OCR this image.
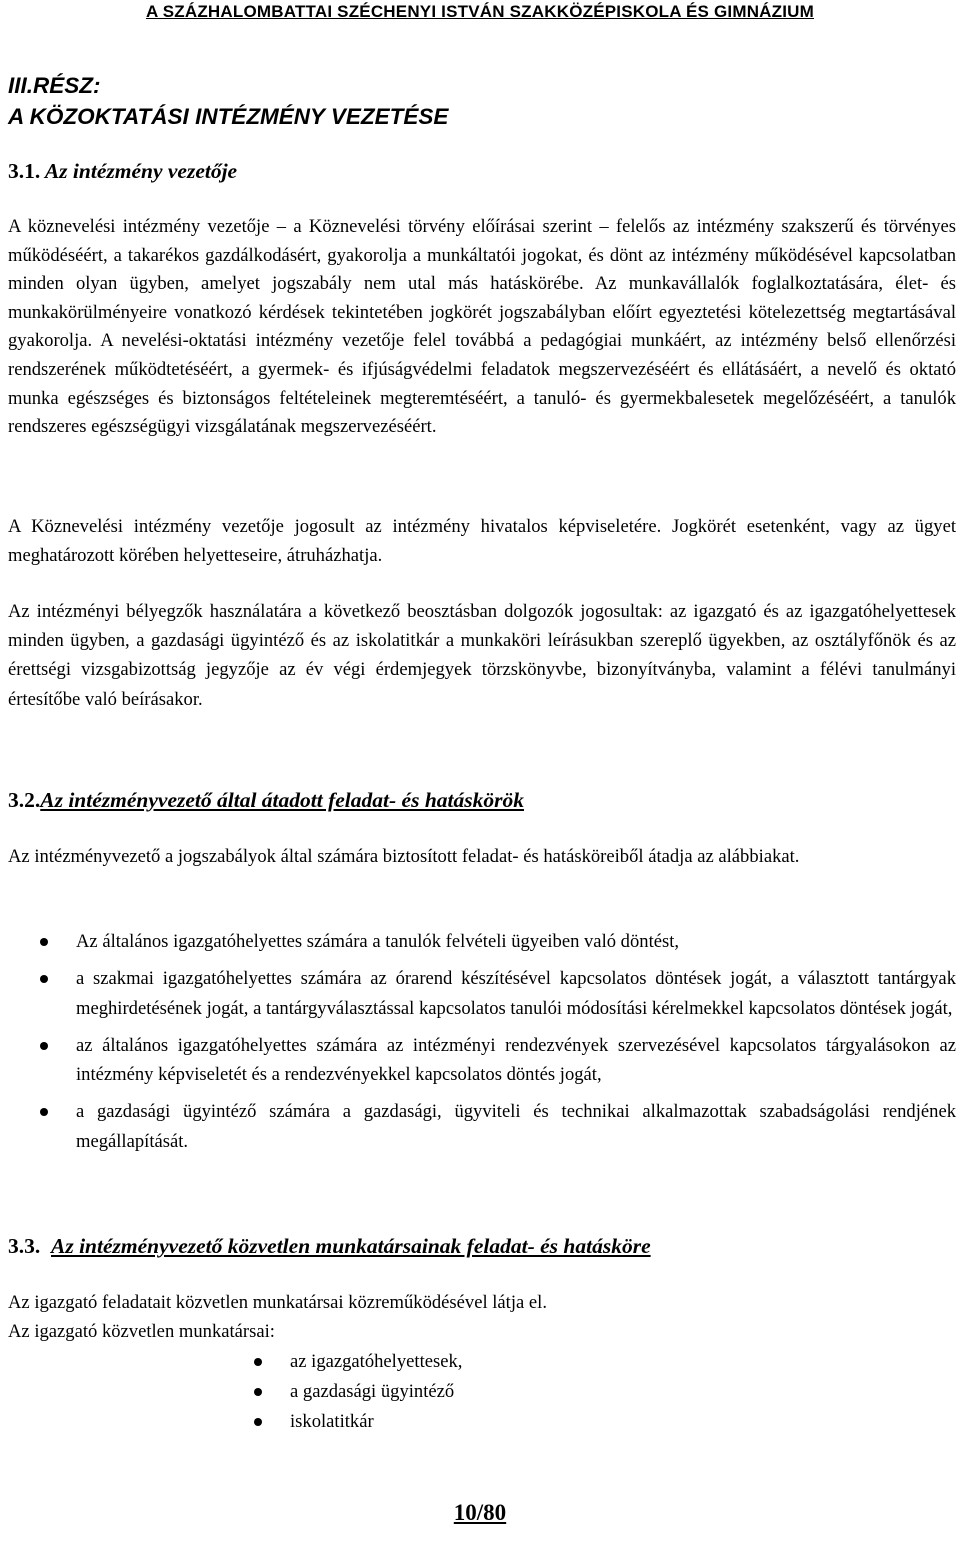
A SZÁZHALOMBATTAI SZÉCHENYI ISTVÁN SZAKKÖZÉPISKOLA ÉS GIMNÁZIUM
III.RÉSZ:
A KÖZOKTATÁSI INTÉZMÉNY VEZETÉSE
3.1. Az intézmény vezetője
A köznevelési intézmény vezetője – a Köznevelési törvény előírásai szerint – felelős az intézmény szakszerű és törvényes működéséért, a takarékos gazdálkodásért, gyakorolja a munkáltatói jogokat, és dönt az intézmény működésével kapcsolatban minden olyan ügyben, amelyet jogszabály nem utal más hatáskörébe. Az munkavállalók foglalkoztatására, élet- és munkakörülményeire vonatkozó kérdések tekintetében jogkörét jogszabályban előírt egyeztetési kötelezettség megtartásával gyakorolja. A nevelési-oktatási intézmény vezetője felel továbbá a pedagógiai munkáért, az intézmény belső ellenőrzési rendszerének működtetéséért, a gyermek- és ifjúságvédelmi feladatok megszervezéséért és ellátásáért, a nevelő és oktató munka egészséges és biztonságos feltételeinek megteremtéséért, a tanuló- és gyermekbalesetek megelőzéséért, a tanulók rendszeres egészségügyi vizsgálatának megszervezéséért.
A Köznevelési intézmény vezetője jogosult az intézmény hivatalos képviseletére. Jogkörét esetenként, vagy az ügyet meghatározott körében helyetteseire, átruházhatja.
Az intézményi bélyegzők használatára a következő beosztásban dolgozók jogosultak: az igazgató és az igazgatóhelyettesek minden ügyben, a gazdasági ügyintéző és az iskolatitkár a munkaköri leírásukban szereplő ügyekben, az osztályfőnök és az érettségi vizsgabizottság jegyzője az év végi érdemjegyek törzskönyvbe, bizonyítványba, valamint a félévi tanulmányi értesítőbe való beírásakor.
3.2.Az intézményvezető által átadott feladat- és hatáskörök
Az intézményvezető a jogszabályok által számára biztosított feladat- és hatásköreiből átadja az alábbiakat.
Az általános igazgatóhelyettes számára a tanulók felvételi ügyeiben való döntést,
a szakmai igazgatóhelyettes számára az órarend készítésével kapcsolatos döntések jogát, a választott tantárgyak meghirdetésének jogát, a tantárgyválasztással kapcsolatos tanulói módosítási kérelmekkel kapcsolatos döntések jogát,
az általános igazgatóhelyettes számára az intézményi rendezvények szervezésével kapcsolatos tárgyalásokon az intézmény képviseletét és a rendezvényekkel kapcsolatos döntés jogát,
a gazdasági ügyintéző számára a gazdasági, ügyviteli és technikai alkalmazottak szabadságolási rendjének megállapítását.
3.3. Az intézményvezető közvetlen munkatársainak feladat- és hatásköre
Az igazgató feladatait közvetlen munkatársai közreműködésével látja el.
Az igazgató közvetlen munkatársai:
az igazgatóhelyettesek,
a gazdasági ügyintéző
iskolatitkár
10/80
